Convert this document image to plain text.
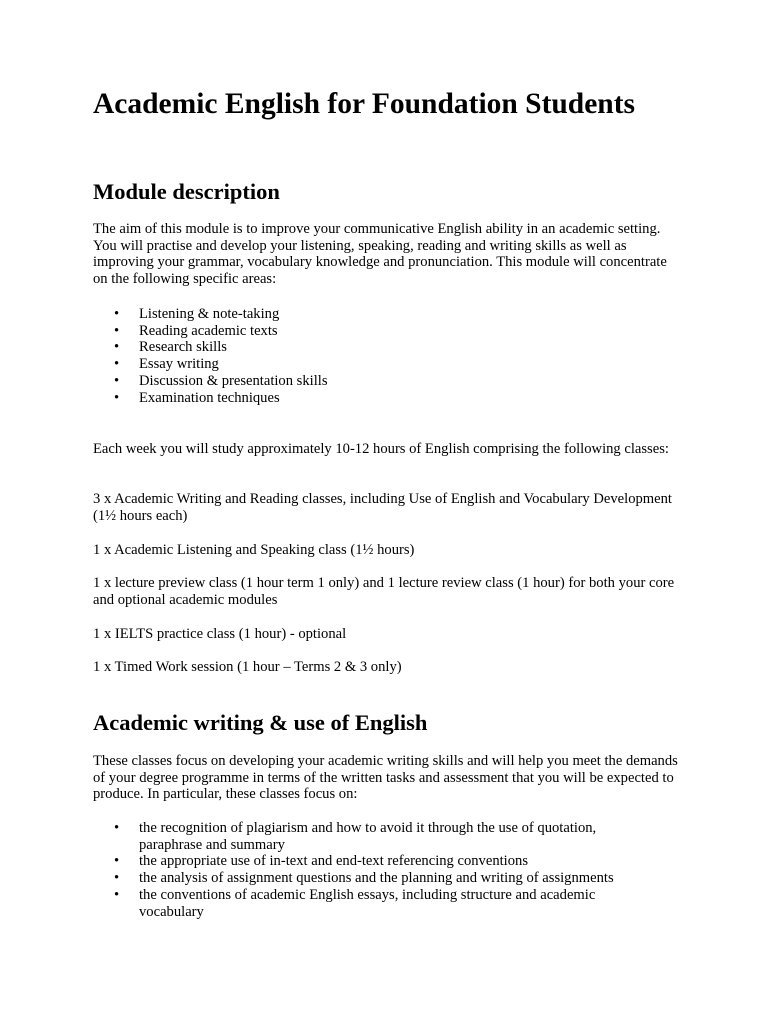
Academic English for Foundation Students
Module description

The aim of this module is to improve your communicative English ability in an academic setting. You will practise and develop your listening, speaking, reading and writing skills as well as improving your grammar, vocabulary knowledge and pronunciation. This module will concentrate on the following specific areas:

• Listening & note-taking
• Reading academic texts
• Research skills
• Essay writing
• Discussion & presentation skills
• Examination techniques

Each week you will study approximately 10-12 hours of English comprising the following classes:

3 x Academic Writing and Reading classes, including Use of English and Vocabulary Development (1½ hours each)

1 x Academic Listening and Speaking class (1½ hours)

1 x lecture preview class (1 hour term 1 only) and 1 lecture review class (1 hour) for both your core and optional academic modules

1 x IELTS practice class (1 hour) - optional

1 x Timed Work session (1 hour – Terms 2 & 3 only)

Academic writing & use of English

These classes focus on developing your academic writing skills and will help you meet the demands of your degree programme in terms of the written tasks and assessment that you will be expected to produce. In particular, these classes focus on:

• the recognition of plagiarism and how to avoid it through the use of quotation, paraphrase and summary
• the appropriate use of in-text and end-text referencing conventions
• the analysis of assignment questions and the planning and writing of assignments
• the conventions of academic English essays, including structure and academic vocabulary
